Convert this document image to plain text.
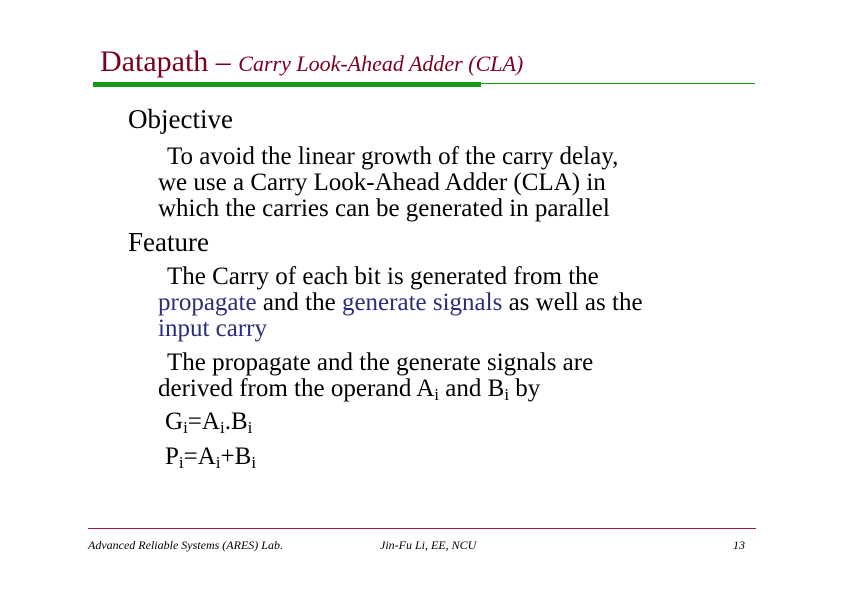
Datapath – Carry Look-Ahead Adder (CLA)
Objective
To avoid the linear growth of the carry delay,
we use a Carry Look-Ahead Adder (CLA) in
which the carries can be generated in parallel
Feature
The Carry of each bit is generated from the
propagate and the generate signals as well as the
input carry
The propagate and the generate signals are
derived from the operand $A_i$ and $B_i$ by
$G_i=A_i.B_i$
$P_i=A_i+B_i$
Advanced Reliable Systems (ARES) Lab.	Jin-Fu Li, EE, NCU	13
